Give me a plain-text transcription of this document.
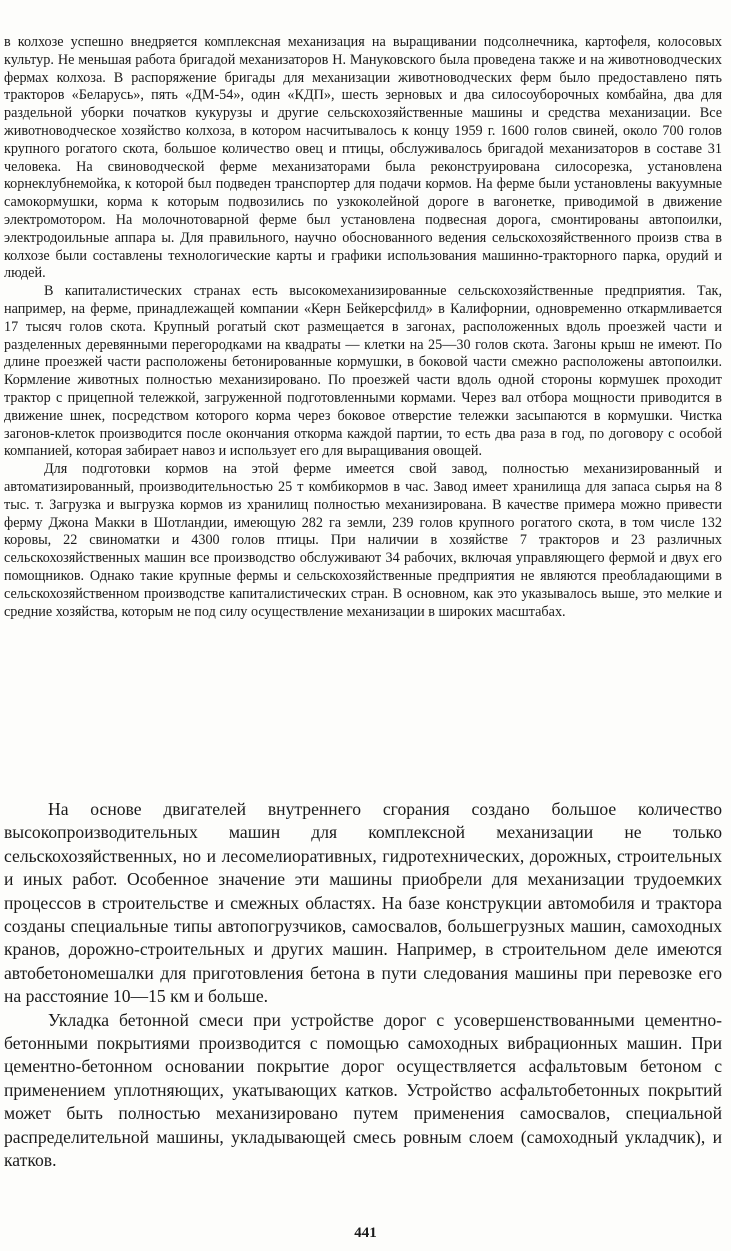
в колхозе успешно внедряется комплексная механизация на выращивании подсолнечника, картофеля, колосовых культур. Не меньшая работа бригадой механизаторов Н. Мануковского была проведена также и на животноводческих фермах колхоза. В распоряжение бригады для механизации животноводческих ферм было предоставлено пять тракторов «Беларусь», пять «ДМ-54», один «КДП», шесть зерновых и два силосоуборочных комбайна, два для раздельной уборки початков кукурузы и другие сельскохозяйственные машины и средства механизации. Все животноводческое хозяйство колхоза, в котором насчитывалось к концу 1959 г. 1600 голов свиней, около 700 голов крупного рогатого скота, большое количество овец и птицы, обслуживалось бригадой механизаторов в составе 31 человека. На свиноводческой ферме механизаторами была реконструирована силосорезка, установлена корнеклубнемойка, к которой был подведен транспортер для подачи кормов. На ферме были установлены вакуумные самокормушки, корма к которым подвозились по узкоколейной дороге в вагонетке, приводимой в движение электромотором. На молочнотоварной ферме был установлена подвесная дорога, смонтированы автопоилки, электродоильные аппара ы. Для правильного, научно обоснованного ведения сельскохозяйственного произв ства в колхозе были составлены технологические карты и графики использования машинно-тракторного парка, орудий и людей.

В капиталистических странах есть высокомеханизированные сельскохозяйственные предприятия. Так, например, на ферме, принадлежащей компании «Керн Бейкерсфилд» в Калифорнии, одновременно откармливается 17 тысяч голов скота. Крупный рогатый скот размещается в загонах, расположенных вдоль проезжей части и разделенных деревянными перегородками на квадраты — клетки на 25—30 голов скота. Загоны крыш не имеют. По длине проезжей части расположены бетонированные кормушки, в боковой части смежно расположены автопоилки. Кормление животных полностью механизировано. По проезжей части вдоль одной стороны кормушек проходит трактор с прицепной тележкой, загруженной подготовленными кормами. Через вал отбора мощности приводится в движение шнек, посредством которого корма через боковое отверстие тележки засыпаются в кормушки. Чистка загонов-клеток производится после окончания откорма каждой партии, то есть два раза в год, по договору с особой компанией, которая забирает навоз и использует его для выращивания овощей.

Для подготовки кормов на этой ферме имеется свой завод, полностью механизированный и автоматизированный, производительностью 25 т комбикормов в час. Завод имеет хранилища для запаса сырья на 8 тыс. т. Загрузка и выгрузка кормов из хранилищ полностью механизирована. В качестве примера можно привести ферму Джона Макки в Шотландии, имеющую 282 га земли, 239 голов крупного рогатого скота, в том числе 132 коровы, 22 свиноматки и 4300 голов птицы. При наличии в хозяйстве 7 тракторов и 23 различных сельскохозяйственных машин все производство обслуживают 34 рабочих, включая управляющего фермой и двух его помощников. Однако такие крупные фермы и сельскохозяйственные предприятия не являются преобладающими в сельскохозяйственном производстве капиталистических стран. В основном, как это указывалось выше, это мелкие и средние хозяйства, которым не под силу осуществление механизации в широких масштабах.

На основе двигателей внутреннего сгорания создано большое количество высокопроизводительных машин для комплексной механизации не только сельскохозяйственных, но и лесомелиоративных, гидротехнических, дорожных, строительных и иных работ. Особенное значение эти машины приобрели для механизации трудоемких процессов в строительстве и смежных областях. На базе конструкции автомобиля и трактора созданы специальные типы автопогрузчиков, самосвалов, большегрузных машин, самоходных кранов, дорожно-строительных и других машин. Например, в строительном деле имеются автобетономешалки для приготовления бетона в пути следования машины при перевозке его на расстояние 10—15 км и больше.

Укладка бетонной смеси при устройстве дорог с усовершенствованными цементно-бетонными покрытиями производится с помощью самоходных вибрационных машин. При цементно-бетонном основании покрытие дорог осуществляется асфальтовым бетоном с применением уплотняющих, укатывающих катков. Устройство асфальтобетонных покрытий может быть полностью механизировано путем применения самосвалов, специальной распределительной машины, укладывающей смесь ровным слоем (самоходный укладчик), и катков.

441
